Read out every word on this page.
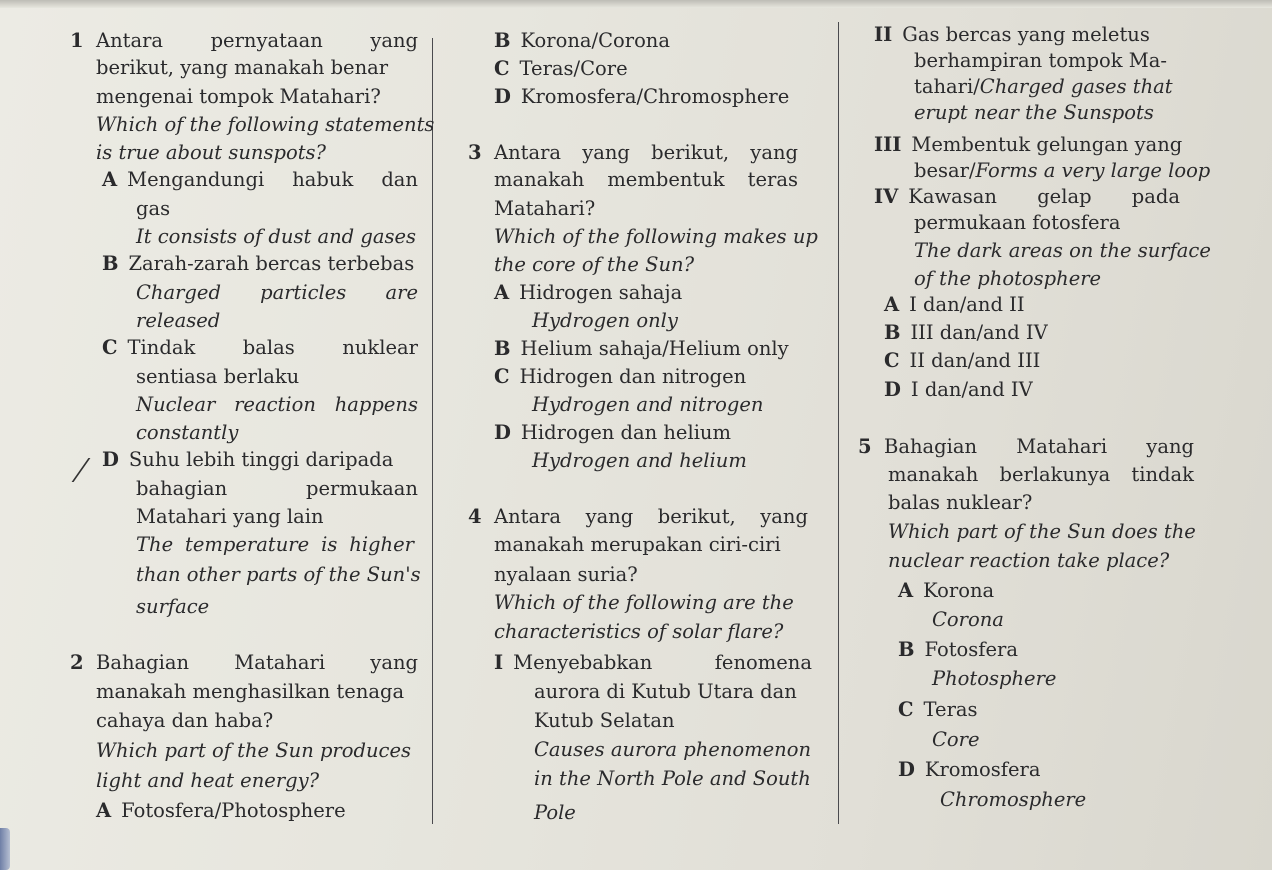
1 Antara pernyataan yang
berikut, yang manakah benar
mengenai tompok Matahari?
Which of the following statements
is true about sunspots?
A Mengandungi habuk dan
gas
It consists of dust and gases
B Zarah-zarah bercas terbebas
Charged particles are
released
C Tindak balas nuklear
sentiasa berlaku
Nuclear reaction happens
constantly
D Suhu lebih tinggi daripada
bahagian	permukaan
Matahari yang lain
The temperature is higher
than other parts of the Sun's
surface
2 Bahagian Matahari yang
manakah menghasilkan tenaga
cahaya dan haba?
Which part of the Sun produces
light and heat energy?
A Fotosfera/Photosphere
B Korona/Corona
C Teras/Core
D Kromosfera/Chromosphere
3 Antara yang berikut, yang
manakah membentuk teras
Matahari?
Which of the following makes up
the core of the Sun?
A Hidrogen sahaja
Hydrogen only
B Helium sahaja/Helium only
C Hidrogen dan nitrogen
Hydrogen and nitrogen
D Hidrogen dan helium
Hydrogen and helium
4 Antara yang berikut, yang
manakah merupakan ciri-ciri
nyalaan suria?
Which of the following are the
characteristics of solar flare?
I Menyebabkan	fenomena
aurora di Kutub Utara dan
Kutub Selatan
Causes aurora phenomenon
in the North Pole and South
Pole
II Gas bercas yang meletus
berhampiran tompok Ma-
tahari/Charged gases that
erupt near the Sunspots
III Membentuk gelungan yang
besar/Forms a very large loop
IV Kawasan gelap pada
permukaan fotosfera
The dark areas on the surface
of the photosphere
A I dan/and II
B III dan/and IV
C II dan/and III
D I dan/and IV
5 Bahagian Matahari yang
manakah berlakunya tindak
balas nuklear?
Which part of the Sun does the
nuclear reaction take place?
A Korona
Corona
B Fotosfera
Photosphere
C Teras
Core
D Kromosfera
Chromosphere
